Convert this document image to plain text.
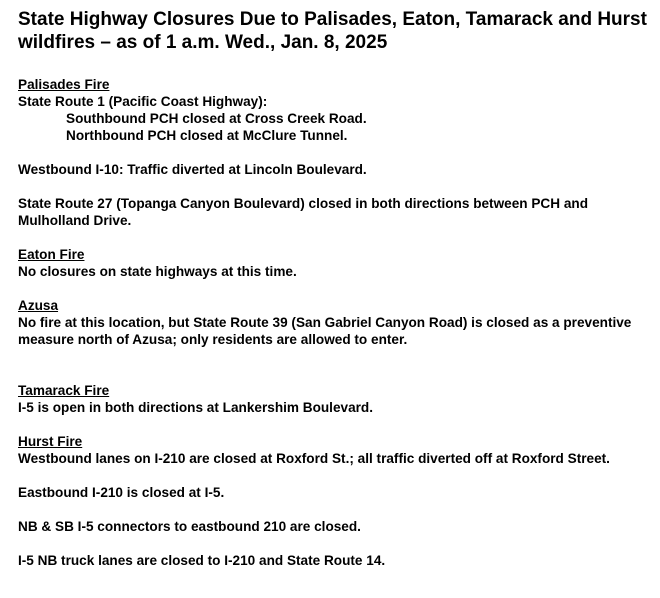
State Highway Closures Due to Palisades, Eaton, Tamarack and Hurst wildfires – as of 1 a.m. Wed., Jan. 8, 2025
Palisades Fire
State Route 1 (Pacific Coast Highway):
Southbound PCH closed at Cross Creek Road.
Northbound PCH closed at McClure Tunnel.
Westbound I-10: Traffic diverted at Lincoln Boulevard.
State Route 27 (Topanga Canyon Boulevard) closed in both directions between PCH and Mulholland Drive.
Eaton Fire
No closures on state highways at this time.
Azusa
No fire at this location, but State Route 39 (San Gabriel Canyon Road) is closed as a preventive measure north of Azusa; only residents are allowed to enter.
Tamarack Fire
I-5 is open in both directions at Lankershim Boulevard.
Hurst Fire
Westbound lanes on I-210 are closed at Roxford St.; all traffic diverted off at Roxford Street.
Eastbound I-210 is closed at I-5.
NB & SB I-5 connectors to eastbound 210 are closed.
I-5 NB truck lanes are closed to I-210 and State Route 14.
